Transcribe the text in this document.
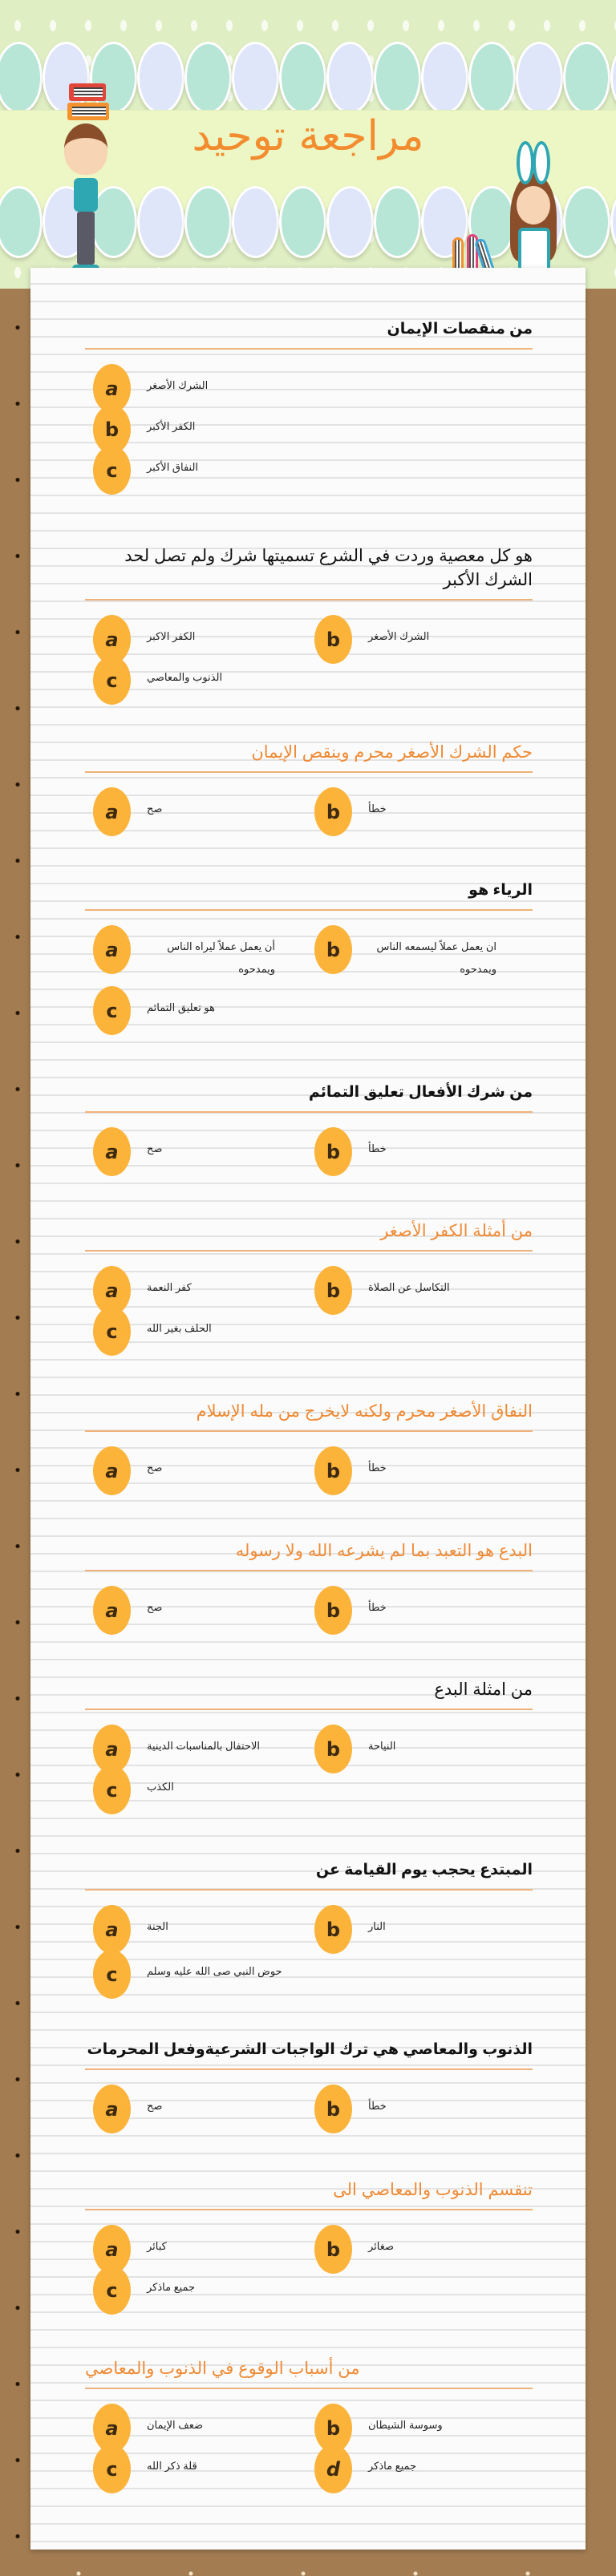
مراجعة توحيد
من منقصات الإيمان
a	الشرك الأصغر
b	الكفر الأكبر
c	النفاق الأكبر
هو كل معصية وردت في الشرع تسميتها شرك ولم تصل لحد الشرك الأكبر
a	الكفر الاكبر	b	الشرك الأصغر
c	الذنوب والمعاصي
حكم الشرك الأصغر محرم وينقص الإيمان
a	صح	b	خطأ
الرياء هو
a	أن يعمل عملاً ليراه الناس ويمدحوه
b	ان يعمل عملاً ليسمعه الناس ويمدحوه
c	هو تعليق التمائم
من شرك الأفعال تعليق التمائم
a	صح	b	خطأ
من أمثلة الكفر الأصغر
a	كفر النعمة	b	التكاسل عن الصلاة
c	الحلف بغير الله
النفاق الأصغر محرم ولكنه لايخرج من مله الإسلام
a	صح	b	خطأ
البدع هو التعبد بما لم يشرعه الله ولا رسوله
a	صح	b	خطأ
من امثلة البدع
a	الاحتفال بالمناسبات الدينية	b	النياحة
c	الكذب
المبتدع يحجب يوم القيامة عن
a	الجنة	b	النار
c	حوض النبي صى الله عليه وسلم
الذنوب والمعاصي هي ترك الواجبات الشرعيةوفعل المحرمات
a	صح	b	خطأ
تنقسم الذنوب والمعاصي الى
a	كبائر	b	صغائر
c	جميع ماذكر
من أسباب الوقوع في الذنوب والمعاصي
a	ضعف الإيمان	b	وسوسة الشيطان
c	قلة ذكر الله	d	جميع ماذكر
